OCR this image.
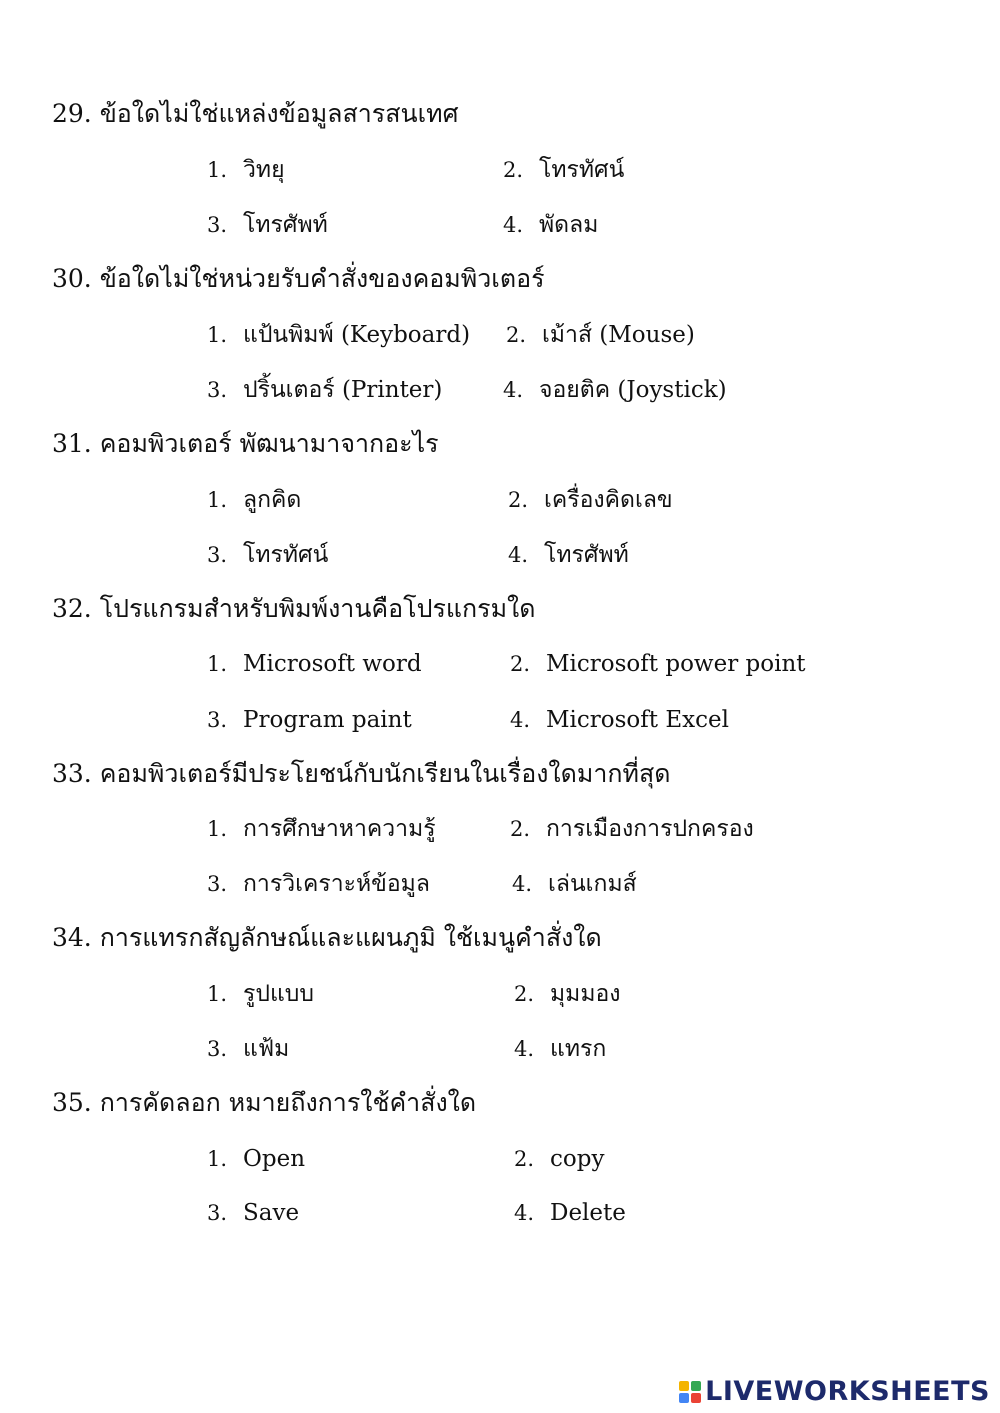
29. ข้อใดไม่ใช่แหล่งข้อมูลสารสนเทศ
1. วิทยุ	2. โทรทัศน์
3. โทรศัพท์	4. พัดลม
30. ข้อใดไม่ใช่หน่วยรับคำสั่งของคอมพิวเตอร์
1. แป้นพิมพ์ (Keyboard) 2. เม้าส์ (Mouse)
3. ปริ้นเตอร์ (Printer)	4. จอยติค (Joystick)
31. คอมพิวเตอร์ พัฒนามาจากอะไร
1. ลูกคิด	2. เครื่องคิดเลข
3. โทรทัศน์	4. โทรศัพท์
32. โปรแกรมสำหรับพิมพ์งานคือโปรแกรมใด
1. Microsoft word	2. Microsoft power point
3. Program paint	4. Microsoft Excel
33. คอมพิวเตอร์มีประโยชน์กับนักเรียนในเรื่องใดมากที่สุด
1. การศึกษาหาความรู้	2. การเมืองการปกครอง
3. การวิเคราะห์ข้อมูล	4. เล่นเกมส์
34. การแทรกสัญลักษณ์และแผนภูมิ ใช้เมนูคำสั่งใด
1. รูปแบบ	2. มุมมอง
3. แฟ้ม	4. แทรก
35. การคัดลอก หมายถึงการใช้คำสั่งใด
1. Open	2. copy
3. Save	4. Delete
LIVEWORKSHEETS
